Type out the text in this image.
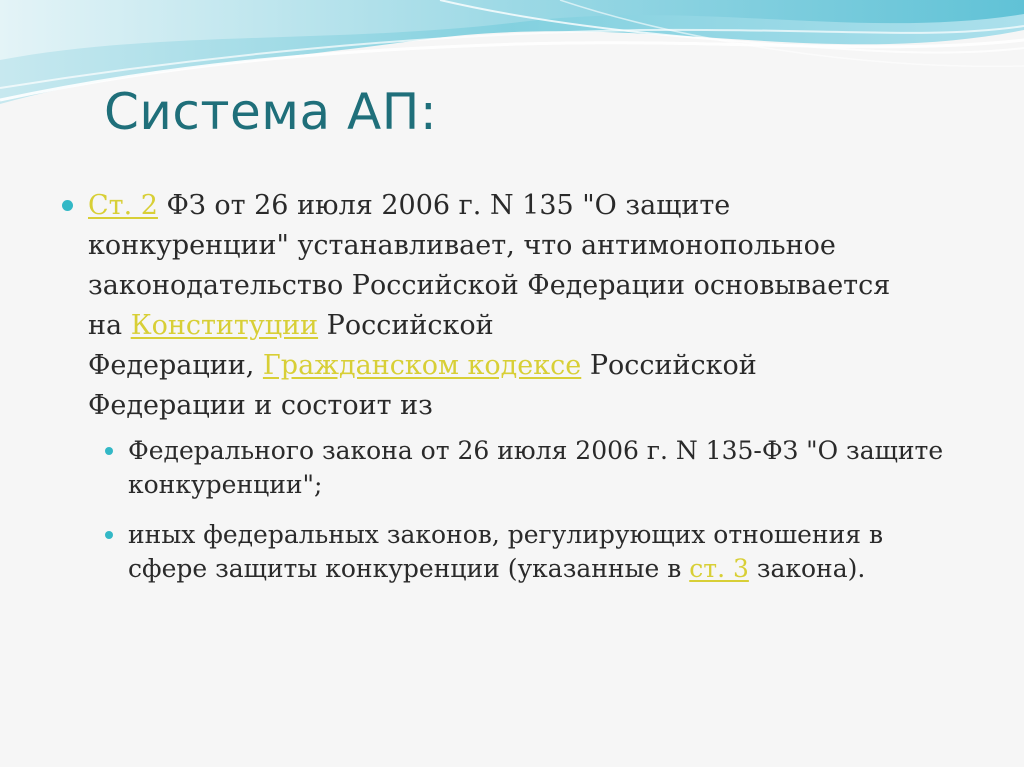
Система АП:

Ст. 2 ФЗ от 26 июля 2006 г. N 135 "О защите конкуренции" устанавливает, что антимонопольное законодательство Российской Федерации основывается
на Конституции Российской
Федерации, Гражданском кодексе Российской Федерации и состоит из

Федерального закона от 26 июля 2006 г. N 135-ФЗ "О защите конкуренции";

иных федеральных законов, регулирующих отношения в сфере защиты конкуренции (указанные в ст. 3 закона).
